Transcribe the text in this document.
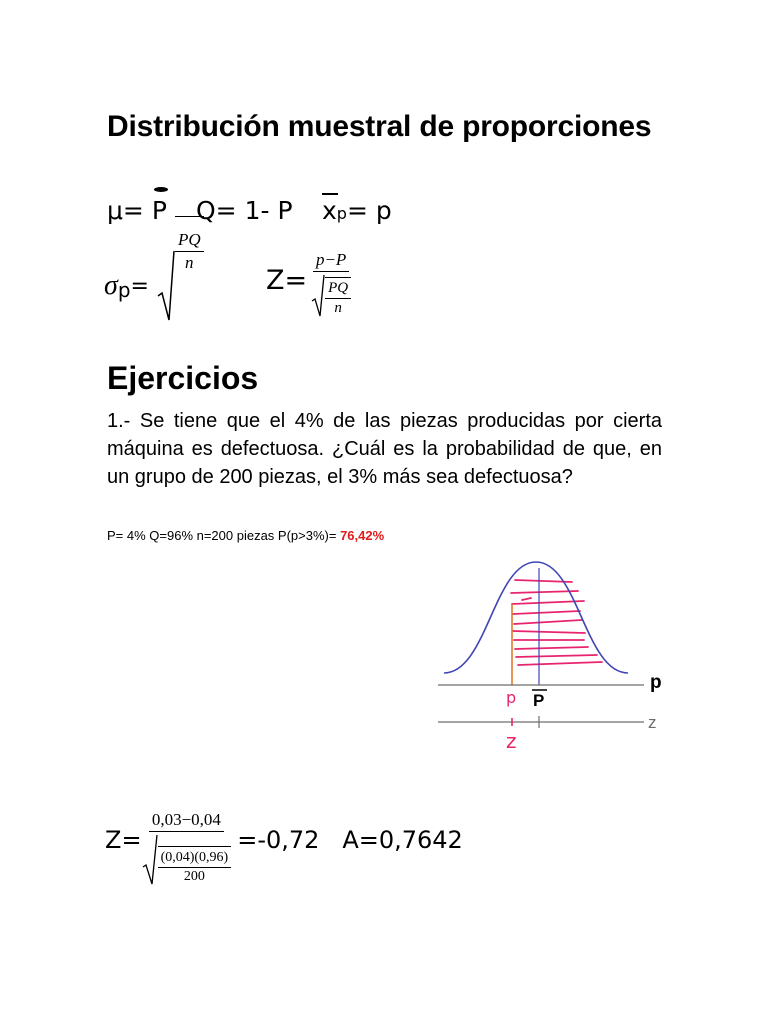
Distribución muestral de proporciones
μ= P Q= 1- P x
p= p
σ p =
$\frac{PQ}{n}$
$Z= \frac{p-P}{\frac{PQ}{n}}$
Ejercicios
1.- Se tiene que el 4% de las piezas producidas por cierta máquina es defectuosa. ¿Cuál es la probabilidad de que, en un grupo de 200 piezas, el 3% más sea defectuosa?
P= 4% Q=96% n=200 piezas P(p>3%)= 76,42%
p
z
P
p
z
$Z= \frac{0,03-0,04}{\frac{(0,04)(0,96)}{200}} =-0,72$   A=0,7642
